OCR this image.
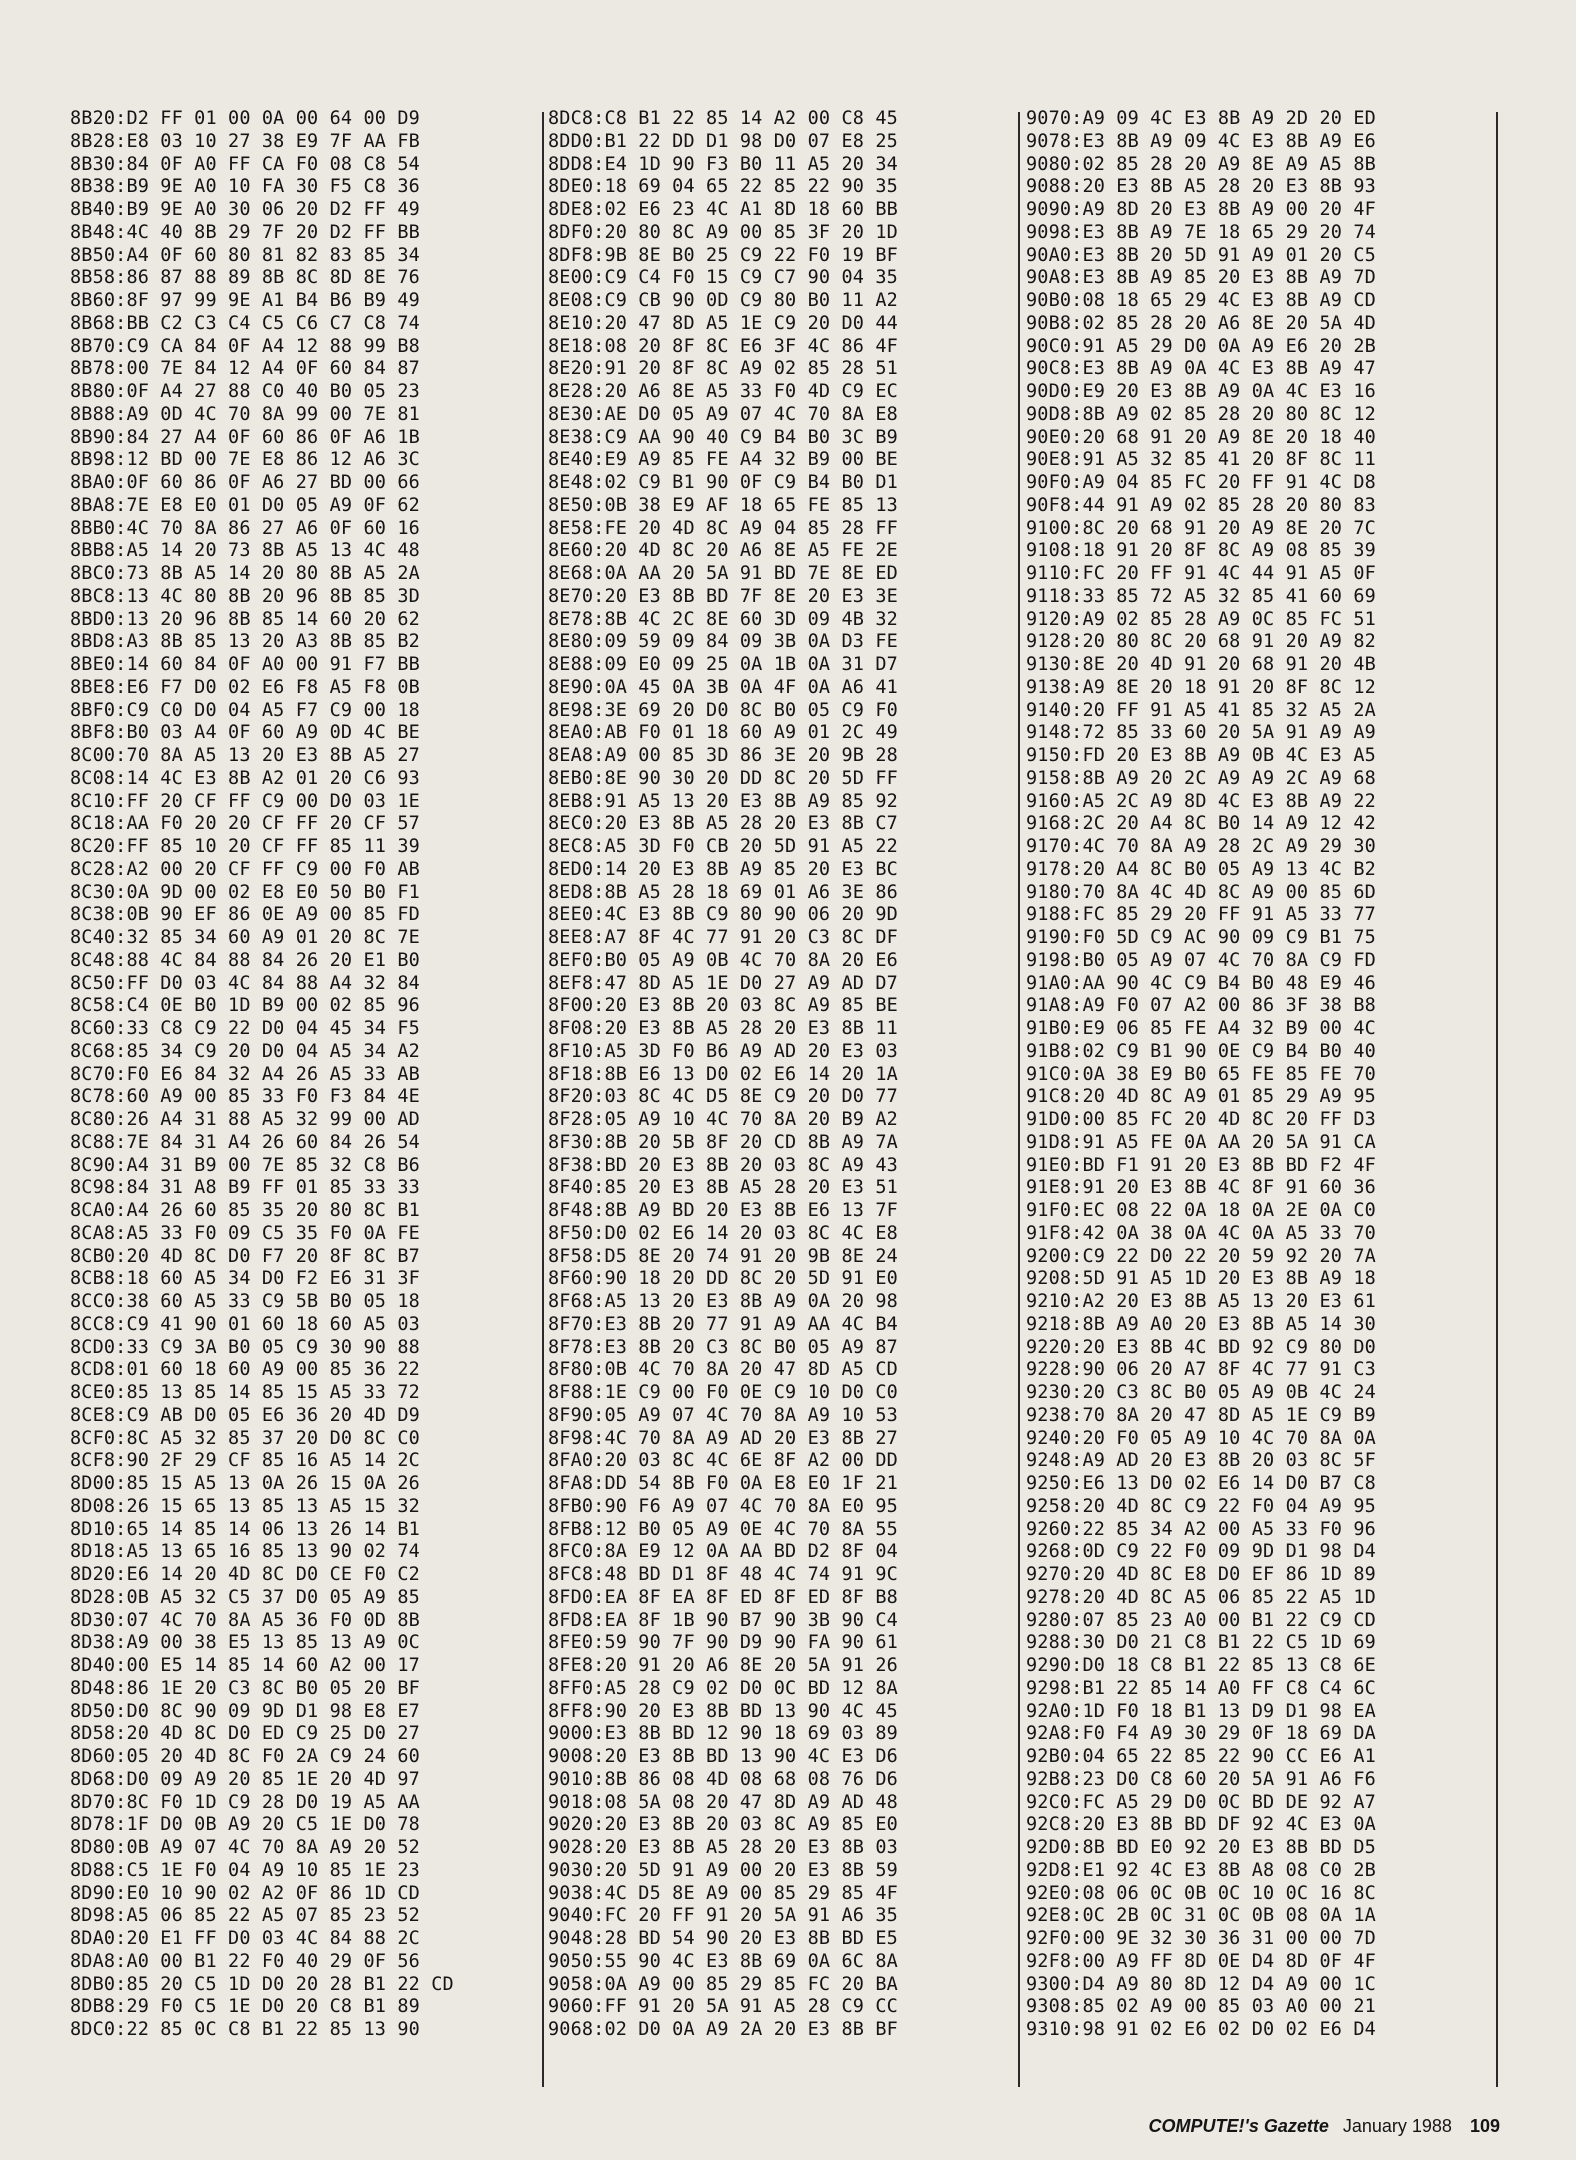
8B20:D2 FF 01 00 0A 00 64 00 D9
8B28:E8 03 10 27 38 E9 7F AA FB
8B30:84 0F A0 FF CA F0 08 C8 54
8B38:B9 9E A0 10 FA 30 F5 C8 36
8B40:B9 9E A0 30 06 20 D2 FF 49
8B48:4C 40 8B 29 7F 20 D2 FF BB
8B50:A4 0F 60 80 81 82 83 85 34
8B58:86 87 88 89 8B 8C 8D 8E 76
8B60:8F 97 99 9E A1 B4 B6 B9 49
8B68:BB C2 C3 C4 C5 C6 C7 C8 74
8B70:C9 CA 84 0F A4 12 88 99 B8
8B78:00 7E 84 12 A4 0F 60 84 87
8B80:0F A4 27 88 C0 40 B0 05 23
8B88:A9 0D 4C 70 8A 99 00 7E 81
8B90:84 27 A4 0F 60 86 0F A6 1B
8B98:12 BD 00 7E E8 86 12 A6 3C
8BA0:0F 60 86 0F A6 27 BD 00 66
8BA8:7E E8 E0 01 D0 05 A9 0F 62
8BB0:4C 70 8A 86 27 A6 0F 60 16
8BB8:A5 14 20 73 8B A5 13 4C 48
8BC0:73 8B A5 14 20 80 8B A5 2A
8BC8:13 4C 80 8B 20 96 8B 85 3D
8BD0:13 20 96 8B 85 14 60 20 62
8BD8:A3 8B 85 13 20 A3 8B 85 B2
8BE0:14 60 84 0F A0 00 91 F7 BB
8BE8:E6 F7 D0 02 E6 F8 A5 F8 0B
8BF0:C9 C0 D0 04 A5 F7 C9 00 18
8BF8:B0 03 A4 0F 60 A9 0D 4C BE
8C00:70 8A A5 13 20 E3 8B A5 27
8C08:14 4C E3 8B A2 01 20 C6 93
8C10:FF 20 CF FF C9 00 D0 03 1E
8C18:AA F0 20 20 CF FF 20 CF 57
8C20:FF 85 10 20 CF FF 85 11 39
8C28:A2 00 20 CF FF C9 00 F0 AB
8C30:0A 9D 00 02 E8 E0 50 B0 F1
8C38:0B 90 EF 86 0E A9 00 85 FD
8C40:32 85 34 60 A9 01 20 8C 7E
8C48:88 4C 84 88 84 26 20 E1 B0
8C50:FF D0 03 4C 84 88 A4 32 84
8C58:C4 0E B0 1D B9 00 02 85 96
8C60:33 C8 C9 22 D0 04 45 34 F5
8C68:85 34 C9 20 D0 04 A5 34 A2
8C70:F0 E6 84 32 A4 26 A5 33 AB
8C78:60 A9 00 85 33 F0 F3 84 4E
8C80:26 A4 31 88 A5 32 99 00 AD
8C88:7E 84 31 A4 26 60 84 26 54
8C90:A4 31 B9 00 7E 85 32 C8 B6
8C98:84 31 A8 B9 FF 01 85 33 33
8CA0:A4 26 60 85 35 20 80 8C B1
8CA8:A5 33 F0 09 C5 35 F0 0A FE
8CB0:20 4D 8C D0 F7 20 8F 8C B7
8CB8:18 60 A5 34 D0 F2 E6 31 3F
8CC0:38 60 A5 33 C9 5B B0 05 18
8CC8:C9 41 90 01 60 18 60 A5 03
8CD0:33 C9 3A B0 05 C9 30 90 88
8CD8:01 60 18 60 A9 00 85 36 22
8CE0:85 13 85 14 85 15 A5 33 72
8CE8:C9 AB D0 05 E6 36 20 4D D9
8CF0:8C A5 32 85 37 20 D0 8C C0
8CF8:90 2F 29 CF 85 16 A5 14 2C
8D00:85 15 A5 13 0A 26 15 0A 26
8D08:26 15 65 13 85 13 A5 15 32
8D10:65 14 85 14 06 13 26 14 B1
8D18:A5 13 65 16 85 13 90 02 74
8D20:E6 14 20 4D 8C D0 CE F0 C2
8D28:0B A5 32 C5 37 D0 05 A9 85
8D30:07 4C 70 8A A5 36 F0 0D 8B
8D38:A9 00 38 E5 13 85 13 A9 0C
8D40:00 E5 14 85 14 60 A2 00 17
8D48:86 1E 20 C3 8C B0 05 20 BF
8D50:D0 8C 90 09 9D D1 98 E8 E7
8D58:20 4D 8C D0 ED C9 25 D0 27
8D60:05 20 4D 8C F0 2A C9 24 60
8D68:D0 09 A9 20 85 1E 20 4D 97
8D70:8C F0 1D C9 28 D0 19 A5 AA
8D78:1F D0 0B A9 20 C5 1E D0 78
8D80:0B A9 07 4C 70 8A A9 20 52
8D88:C5 1E F0 04 A9 10 85 1E 23
8D90:E0 10 90 02 A2 0F 86 1D CD
8D98:A5 06 85 22 A5 07 85 23 52
8DA0:20 E1 FF D0 03 4C 84 88 2C
8DA8:A0 00 B1 22 F0 40 29 0F 56
8DB0:85 20 C5 1D D0 20 28 B1 22 CD
8DB8:29 F0 C5 1E D0 20 C8 B1 89
8DC0:22 85 0C C8 B1 22 85 13 90
8DC8:C8 B1 22 85 14 A2 00 C8 45
8DD0:B1 22 DD D1 98 D0 07 E8 25
8DD8:E4 1D 90 F3 B0 11 A5 20 34
8DE0:18 69 04 65 22 85 22 90 35
8DE8:02 E6 23 4C A1 8D 18 60 BB
8DF0:20 80 8C A9 00 85 3F 20 1D
8DF8:9B 8E B0 25 C9 22 F0 19 BF
8E00:C9 C4 F0 15 C9 C7 90 04 35
8E08:C9 CB 90 0D C9 80 B0 11 A2
8E10:20 47 8D A5 1E C9 20 D0 44
8E18:08 20 8F 8C E6 3F 4C 86 4F
8E20:91 20 8F 8C A9 02 85 28 51
8E28:20 A6 8E A5 33 F0 4D C9 EC
8E30:AE D0 05 A9 07 4C 70 8A E8
8E38:C9 AA 90 40 C9 B4 B0 3C B9
8E40:E9 A9 85 FE A4 32 B9 00 BE
8E48:02 C9 B1 90 0F C9 B4 B0 D1
8E50:0B 38 E9 AF 18 65 FE 85 13
8E58:FE 20 4D 8C A9 04 85 28 FF
8E60:20 4D 8C 20 A6 8E A5 FE 2E
8E68:0A AA 20 5A 91 BD 7E 8E ED
8E70:20 E3 8B BD 7F 8E 20 E3 3E
8E78:8B 4C 2C 8E 60 3D 09 4B 32
8E80:09 59 09 84 09 3B 0A D3 FE
8E88:09 E0 09 25 0A 1B 0A 31 D7
8E90:0A 45 0A 3B 0A 4F 0A A6 41
8E98:3E 69 20 D0 8C B0 05 C9 F0
8EA0:AB F0 01 18 60 A9 01 2C 49
8EA8:A9 00 85 3D 86 3E 20 9B 28
8EB0:8E 90 30 20 DD 8C 20 5D FF
8EB8:91 A5 13 20 E3 8B A9 85 92
8EC0:20 E3 8B A5 28 20 E3 8B C7
8EC8:A5 3D F0 CB 20 5D 91 A5 22
8ED0:14 20 E3 8B A9 85 20 E3 BC
8ED8:8B A5 28 18 69 01 A6 3E 86
8EE0:4C E3 8B C9 80 90 06 20 9D
8EE8:A7 8F 4C 77 91 20 C3 8C DF
8EF0:B0 05 A9 0B 4C 70 8A 20 E6
8EF8:47 8D A5 1E D0 27 A9 AD D7
8F00:20 E3 8B 20 03 8C A9 85 BE
8F08:20 E3 8B A5 28 20 E3 8B 11
8F10:A5 3D F0 B6 A9 AD 20 E3 03
8F18:8B E6 13 D0 02 E6 14 20 1A
8F20:03 8C 4C D5 8E C9 20 D0 77
8F28:05 A9 10 4C 70 8A 20 B9 A2
8F30:8B 20 5B 8F 20 CD 8B A9 7A
8F38:BD 20 E3 8B 20 03 8C A9 43
8F40:85 20 E3 8B A5 28 20 E3 51
8F48:8B A9 BD 20 E3 8B E6 13 7F
8F50:D0 02 E6 14 20 03 8C 4C E8
8F58:D5 8E 20 74 91 20 9B 8E 24
8F60:90 18 20 DD 8C 20 5D 91 E0
8F68:A5 13 20 E3 8B A9 0A 20 98
8F70:E3 8B 20 77 91 A9 AA 4C B4
8F78:E3 8B 20 C3 8C B0 05 A9 87
8F80:0B 4C 70 8A 20 47 8D A5 CD
8F88:1E C9 00 F0 0E C9 10 D0 C0
8F90:05 A9 07 4C 70 8A A9 10 53
8F98:4C 70 8A A9 AD 20 E3 8B 27
8FA0:20 03 8C 4C 6E 8F A2 00 DD
8FA8:DD 54 8B F0 0A E8 E0 1F 21
8FB0:90 F6 A9 07 4C 70 8A E0 95
8FB8:12 B0 05 A9 0E 4C 70 8A 55
8FC0:8A E9 12 0A AA BD D2 8F 04
8FC8:48 BD D1 8F 48 4C 74 91 9C
8FD0:EA 8F EA 8F ED 8F ED 8F B8
8FD8:EA 8F 1B 90 B7 90 3B 90 C4
8FE0:59 90 7F 90 D9 90 FA 90 61
8FE8:20 91 20 A6 8E 20 5A 91 26
8FF0:A5 28 C9 02 D0 0C BD 12 8A
8FF8:90 20 E3 8B BD 13 90 4C 45
9000:E3 8B BD 12 90 18 69 03 89
9008:20 E3 8B BD 13 90 4C E3 D6
9010:8B 86 08 4D 08 68 08 76 D6
9018:08 5A 08 20 47 8D A9 AD 48
9020:20 E3 8B 20 03 8C A9 85 E0
9028:20 E3 8B A5 28 20 E3 8B 03
9030:20 5D 91 A9 00 20 E3 8B 59
9038:4C D5 8E A9 00 85 29 85 4F
9040:FC 20 FF 91 20 5A 91 A6 35
9048:28 BD 54 90 20 E3 8B BD E5
9050:55 90 4C E3 8B 69 0A 6C 8A
9058:0A A9 00 85 29 85 FC 20 BA
9060:FF 91 20 5A 91 A5 28 C9 CC
9068:02 D0 0A A9 2A 20 E3 8B BF
9070:A9 09 4C E3 8B A9 2D 20 ED
9078:E3 8B A9 09 4C E3 8B A9 E6
9080:02 85 28 20 A9 8E A9 A5 8B
9088:20 E3 8B A5 28 20 E3 8B 93
9090:A9 8D 20 E3 8B A9 00 20 4F
9098:E3 8B A9 7E 18 65 29 20 74
90A0:E3 8B 20 5D 91 A9 01 20 C5
90A8:E3 8B A9 85 20 E3 8B A9 7D
90B0:08 18 65 29 4C E3 8B A9 CD
90B8:02 85 28 20 A6 8E 20 5A 4D
90C0:91 A5 29 D0 0A A9 E6 20 2B
90C8:E3 8B A9 0A 4C E3 8B A9 47
90D0:E9 20 E3 8B A9 0A 4C E3 16
90D8:8B A9 02 85 28 20 80 8C 12
90E0:20 68 91 20 A9 8E 20 18 40
90E8:91 A5 32 85 41 20 8F 8C 11
90F0:A9 04 85 FC 20 FF 91 4C D8
90F8:44 91 A9 02 85 28 20 80 83
9100:8C 20 68 91 20 A9 8E 20 7C
9108:18 91 20 8F 8C A9 08 85 39
9110:FC 20 FF 91 4C 44 91 A5 0F
9118:33 85 72 A5 32 85 41 60 69
9120:A9 02 85 28 A9 0C 85 FC 51
9128:20 80 8C 20 68 91 20 A9 82
9130:8E 20 4D 91 20 68 91 20 4B
9138:A9 8E 20 18 91 20 8F 8C 12
9140:20 FF 91 A5 41 85 32 A5 2A
9148:72 85 33 60 20 5A 91 A9 A9
9150:FD 20 E3 8B A9 0B 4C E3 A5
9158:8B A9 20 2C A9 A9 2C A9 68
9160:A5 2C A9 8D 4C E3 8B A9 22
9168:2C 20 A4 8C B0 14 A9 12 42
9170:4C 70 8A A9 28 2C A9 29 30
9178:20 A4 8C B0 05 A9 13 4C B2
9180:70 8A 4C 4D 8C A9 00 85 6D
9188:FC 85 29 20 FF 91 A5 33 77
9190:F0 5D C9 AC 90 09 C9 B1 75
9198:B0 05 A9 07 4C 70 8A C9 FD
91A0:AA 90 4C C9 B4 B0 48 E9 46
91A8:A9 F0 07 A2 00 86 3F 38 B8
91B0:E9 06 85 FE A4 32 B9 00 4C
91B8:02 C9 B1 90 0E C9 B4 B0 40
91C0:0A 38 E9 B0 65 FE 85 FE 70
91C8:20 4D 8C A9 01 85 29 A9 95
91D0:00 85 FC 20 4D 8C 20 FF D3
91D8:91 A5 FE 0A AA 20 5A 91 CA
91E0:BD F1 91 20 E3 8B BD F2 4F
91E8:91 20 E3 8B 4C 8F 91 60 36
91F0:EC 08 22 0A 18 0A 2E 0A C0
91F8:42 0A 38 0A 4C 0A A5 33 70
9200:C9 22 D0 22 20 59 92 20 7A
9208:5D 91 A5 1D 20 E3 8B A9 18
9210:A2 20 E3 8B A5 13 20 E3 61
9218:8B A9 A0 20 E3 8B A5 14 30
9220:20 E3 8B 4C BD 92 C9 80 D0
9228:90 06 20 A7 8F 4C 77 91 C3
9230:20 C3 8C B0 05 A9 0B 4C 24
9238:70 8A 20 47 8D A5 1E C9 B9
9240:20 F0 05 A9 10 4C 70 8A 0A
9248:A9 AD 20 E3 8B 20 03 8C 5F
9250:E6 13 D0 02 E6 14 D0 B7 C8
9258:20 4D 8C C9 22 F0 04 A9 95
9260:22 85 34 A2 00 A5 33 F0 96
9268:0D C9 22 F0 09 9D D1 98 D4
9270:20 4D 8C E8 D0 EF 86 1D 89
9278:20 4D 8C A5 06 85 22 A5 1D
9280:07 85 23 A0 00 B1 22 C9 CD
9288:30 D0 21 C8 B1 22 C5 1D 69
9290:D0 18 C8 B1 22 85 13 C8 6E
9298:B1 22 85 14 A0 FF C8 C4 6C
92A0:1D F0 18 B1 13 D9 D1 98 EA
92A8:F0 F4 A9 30 29 0F 18 69 DA
92B0:04 65 22 85 22 90 CC E6 A1
92B8:23 D0 C8 60 20 5A 91 A6 F6
92C0:FC A5 29 D0 0C BD DE 92 A7
92C8:20 E3 8B BD DF 92 4C E3 0A
92D0:8B BD E0 92 20 E3 8B BD D5
92D8:E1 92 4C E3 8B A8 08 C0 2B
92E0:08 06 0C 0B 0C 10 0C 16 8C
92E8:0C 2B 0C 31 0C 0B 08 0A 1A
92F0:00 9E 32 30 36 31 00 00 7D
92F8:00 A9 FF 8D 0E D4 8D 0F 4F
9300:D4 A9 80 8D 12 D4 A9 00 1C
9308:85 02 A9 00 85 03 A0 00 21
9310:98 91 02 E6 02 D0 02 E6 D4
COMPUTE!'s Gazette January 1988 109
